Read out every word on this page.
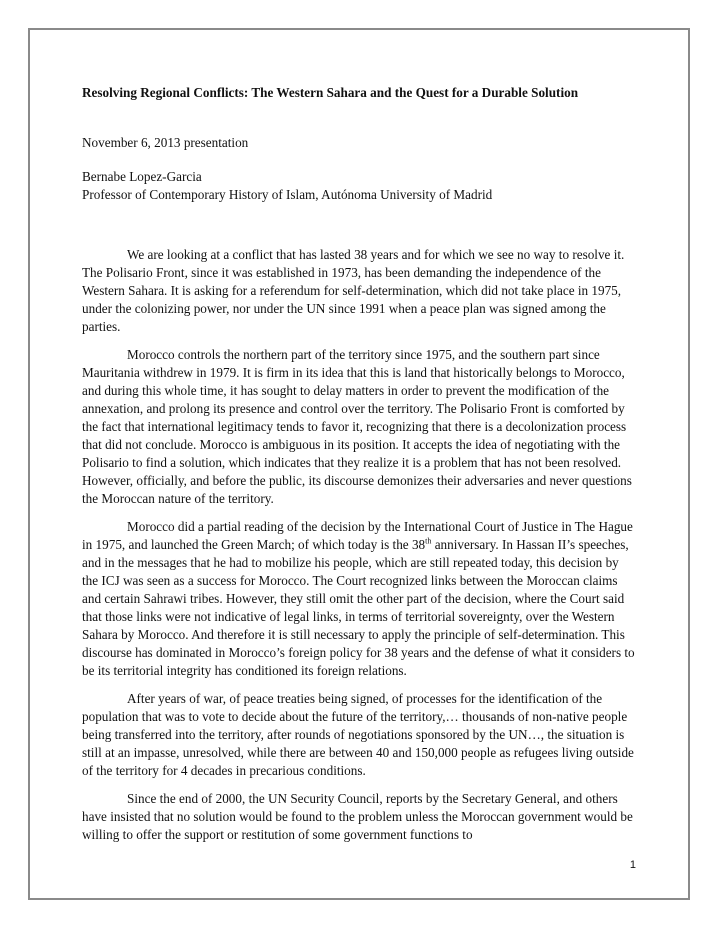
Resolving Regional Conflicts: The Western Sahara and the Quest for a Durable Solution

November 6, 2013 presentation

Bernabe Lopez-Garcia

Professor of Contemporary History of Islam, Autónoma University of Madrid

We are looking at a conflict that has lasted 38 years and for which we see no way to resolve it. The Polisario Front, since it was established in 1973, has been demanding the independence of the Western Sahara. It is asking for a referendum for self-determination, which did not take place in 1975, under the colonizing power, nor under the UN since 1991 when a peace plan was signed among the parties.

Morocco controls the northern part of the territory since 1975, and the southern part since Mauritania withdrew in 1979. It is firm in its idea that this is land that historically belongs to Morocco, and during this whole time, it has sought to delay matters in order to prevent the modification of the annexation, and prolong its presence and control over the territory. The Polisario Front is comforted by the fact that international legitimacy tends to favor it, recognizing that there is a decolonization process that did not conclude. Morocco is ambiguous in its position. It accepts the idea of negotiating with the Polisario to find a solution, which indicates that they realize it is a problem that has not been resolved. However, officially, and before the public, its discourse demonizes their adversaries and never questions the Moroccan nature of the territory.

Morocco did a partial reading of the decision by the International Court of Justice in The Hague in 1975, and launched the Green March; of which today is the 38th anniversary. In Hassan II’s speeches, and in the messages that he had to mobilize his people, which are still repeated today, this decision by the ICJ was seen as a success for Morocco. The Court recognized links between the Moroccan claims and certain Sahrawi tribes. However, they still omit the other part of the decision, where the Court said that those links were not indicative of legal links, in terms of territorial sovereignty, over the Western Sahara by Morocco. And therefore it is still necessary to apply the principle of self-determination. This discourse has dominated in Morocco’s foreign policy for 38 years and the defense of what it considers to be its territorial integrity has conditioned its foreign relations.

After years of war, of peace treaties being signed, of processes for the identification of the population that was to vote to decide about the future of the territory,… thousands of non-native people being transferred into the territory, after rounds of negotiations sponsored by the UN…, the situation is still at an impasse, unresolved, while there are between 40 and 150,000 people as refugees living outside of the territory for 4 decades in precarious conditions.

Since the end of 2000, the UN Security Council, reports by the Secretary General, and others have insisted that no solution would be found to the problem unless the Moroccan government would be willing to offer the support or restitution of some government functions to

1
